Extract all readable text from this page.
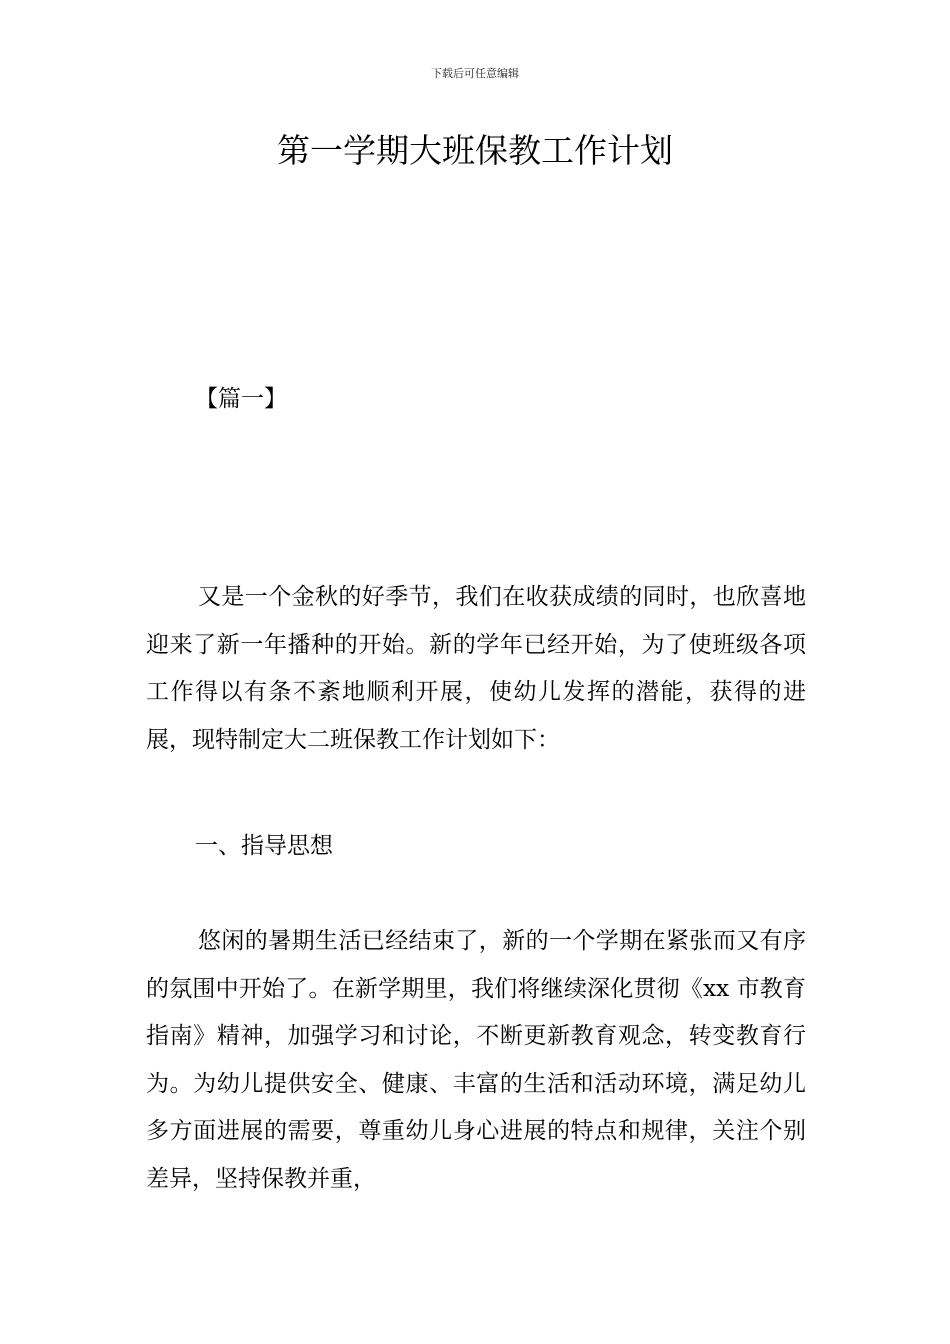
下载后可任意编辑
第一学期大班保教工作计划
【篇一】

又是一个金秋的好季节，我们在收获成绩的同时，也欣喜地迎来了新一年播种的开始。新的学年已经开始，为了使班级各项工作得以有条不紊地顺利开展，使幼儿发挥的潜能，获得的进展，现特制定大二班保教工作计划如下：

一、指导思想

悠闲的暑期生活已经结束了，新的一个学期在紧张而又有序的氛围中开始了。在新学期里，我们将继续深化贯彻《xx 市教育指南》精神，加强学习和讨论，不断更新教育观念，转变教育行为。为幼儿提供安全、健康、丰富的生活和活动环境，满足幼儿多方面进展的需要，尊重幼儿身心进展的特点和规律，关注个别差异，坚持保教并重，
